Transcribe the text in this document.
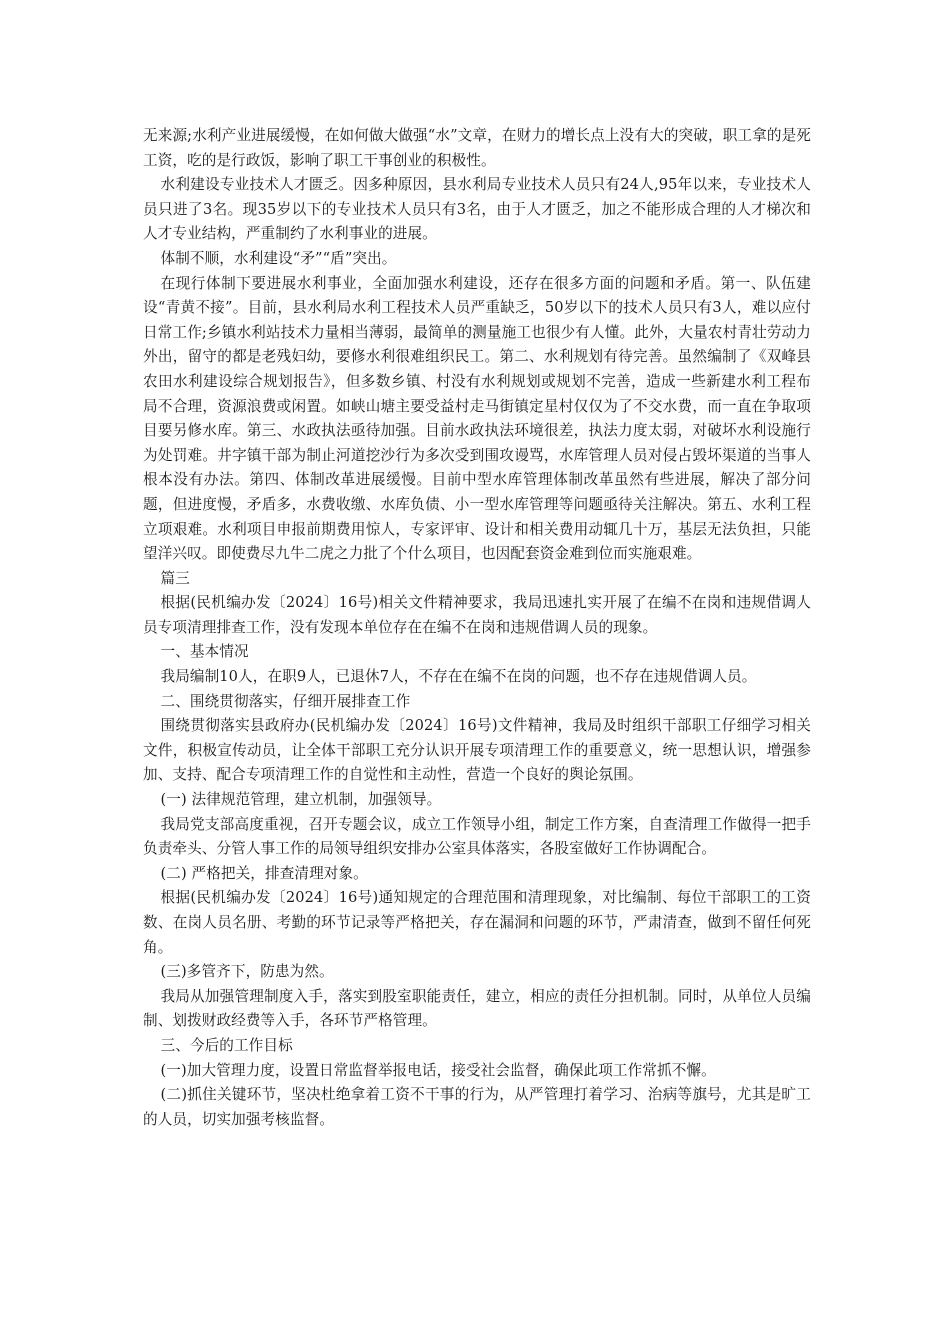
无来源;水利产业进展缓慢，在如何做大做强“水”文章，在财力的增长点上没有大的突破，职工拿的是死工资，吃的是行政饭，影响了职工干事创业的积极性。

水利建设专业技术人才匮乏。因多种原因，县水利局专业技术人员只有24人,95年以来，专业技术人员只进了3名。现35岁以下的专业技术人员只有3名，由于人才匮乏，加之不能形成合理的人才梯次和人才专业结构，严重制约了水利事业的进展。

体制不顺，水利建设“矛”“盾”突出。

在现行体制下要进展水利事业，全面加强水利建设，还存在很多方面的问题和矛盾。第一、队伍建设“青黄不接”。目前，县水利局水利工程技术人员严重缺乏，50岁以下的技术人员只有3人，难以应付日常工作;乡镇水利站技术力量相当薄弱，最简单的测量施工也很少有人懂。此外，大量农村青壮劳动力外出，留守的都是老残妇幼，要修水利很难组织民工。第二、水利规划有待完善。虽然编制了《双峰县农田水利建设综合规划报告》，但多数乡镇、村没有水利规划或规划不完善，造成一些新建水利工程布局不合理，资源浪费或闲置。如峡山塘主要受益村走马街镇定星村仅仅为了不交水费，而一直在争取项目要另修水库。第三、水政执法亟待加强。目前水政执法环境很差，执法力度太弱，对破坏水利设施行为处罚难。井字镇干部为制止河道挖沙行为多次受到围攻谩骂，水库管理人员对侵占毁坏渠道的当事人根本没有办法。第四、体制改革进展缓慢。目前中型水库管理体制改革虽然有些进展，解决了部分问题，但进度慢，矛盾多，水费收缴、水库负债、小一型水库管理等问题亟待关注解决。第五、水利工程立项艰难。水利项目申报前期费用惊人，专家评审、设计和相关费用动辄几十万，基层无法负担，只能望洋兴叹。即使费尽九牛二虎之力批了个什么项目，也因配套资金难到位而实施艰难。

篇三

根据(民机编办发〔2024〕16号)相关文件精神要求，我局迅速扎实开展了在编不在岗和违规借调人员专项清理排查工作，没有发现本单位存在在编不在岗和违规借调人员的现象。

一、基本情况

我局编制10人，在职9人，已退休7人，不存在在编不在岗的问题，也不存在违规借调人员。

二、围绕贯彻落实，仔细开展排查工作

围绕贯彻落实县政府办(民机编办发〔2024〕16号)文件精神，我局及时组织干部职工仔细学习相关文件，积极宣传动员，让全体干部职工充分认识开展专项清理工作的重要意义，统一思想认识，增强参加、支持、配合专项清理工作的自觉性和主动性，营造一个良好的舆论氛围。

(一) 法律规范管理，建立机制，加强领导。

我局党支部高度重视，召开专题会议，成立工作领导小组，制定工作方案，自查清理工作做得一把手负责牵头、分管人事工作的局领导组织安排办公室具体落实，各股室做好工作协调配合。

(二) 严格把关，排查清理对象。

根据(民机编办发〔2024〕16号)通知规定的合理范围和清理现象，对比编制、每位干部职工的工资数、在岗人员名册、考勤的环节记录等严格把关，存在漏洞和问题的环节，严肃清查，做到不留任何死角。

(三)多管齐下，防患为然。

我局从加强管理制度入手，落实到股室职能责任，建立，相应的责任分担机制。同时，从单位人员编制、划拨财政经费等入手，各环节严格管理。

三、今后的工作目标

(一)加大管理力度，设置日常监督举报电话，接受社会监督，确保此项工作常抓不懈。

(二)抓住关键环节，坚决杜绝拿着工资不干事的行为，从严管理打着学习、治病等旗号，尤其是旷工的人员，切实加强考核监督。
